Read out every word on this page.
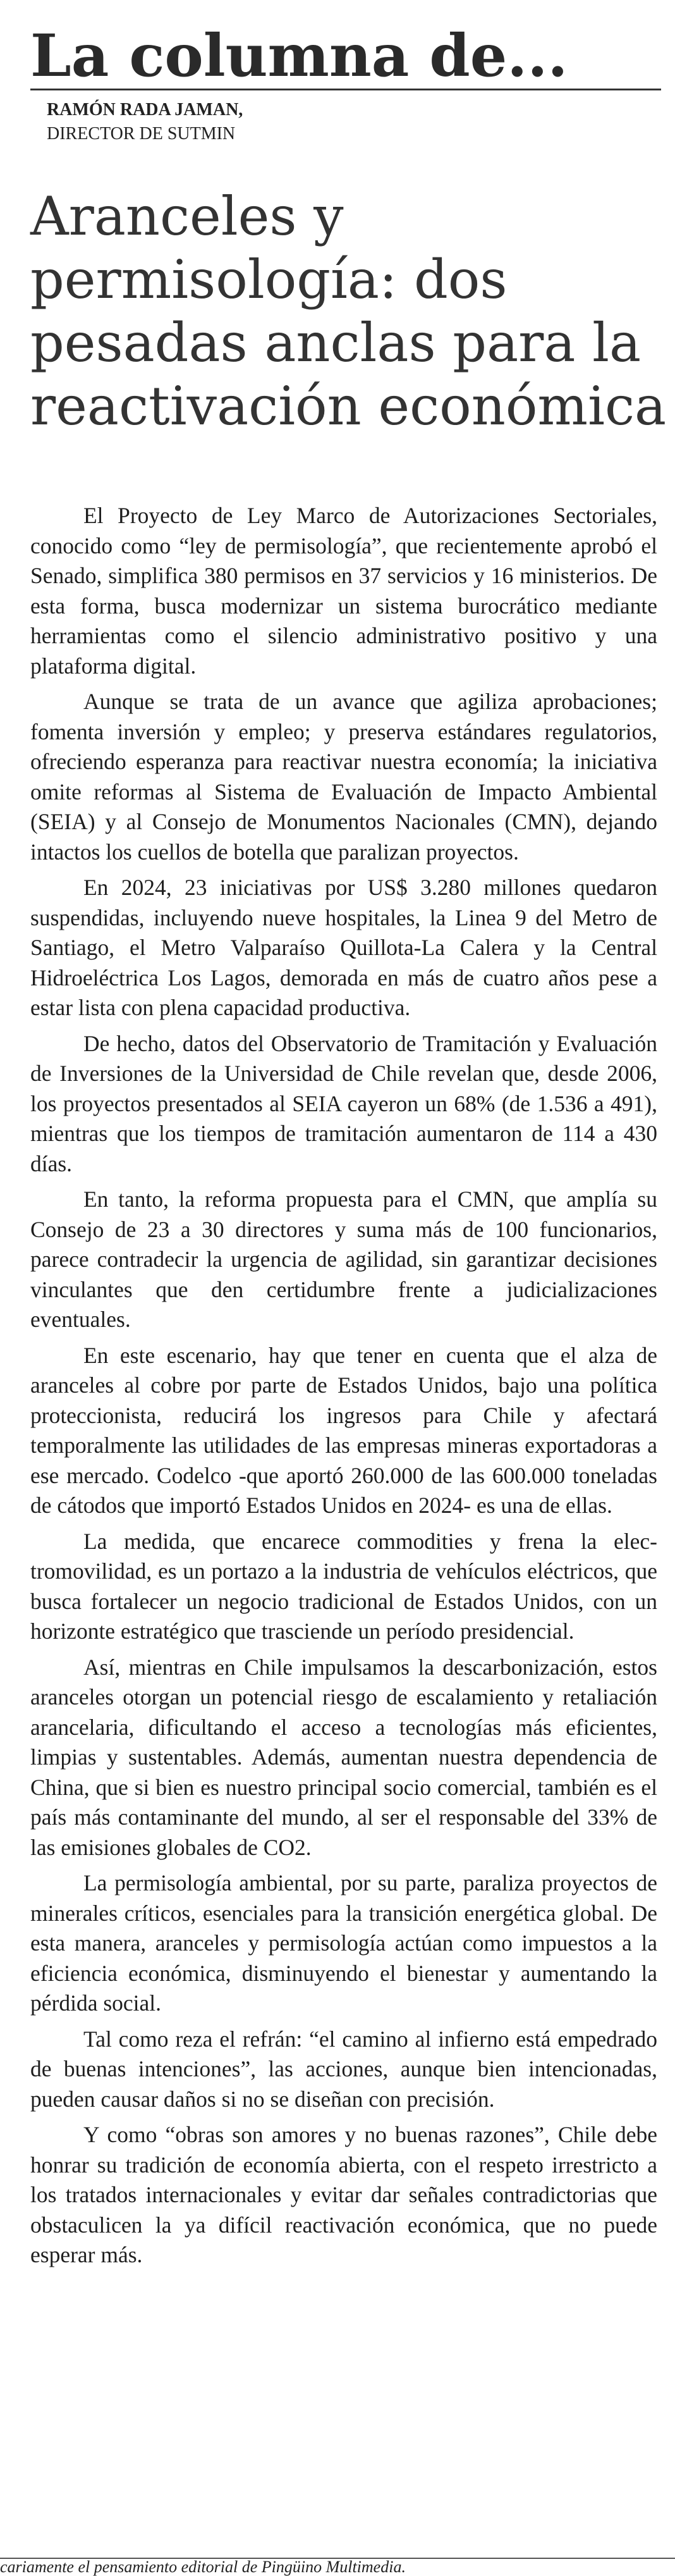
La columna de...
RAMÓN RADA JAMAN,
DIRECTOR DE SUTMIN
Aranceles y
permisología: dos
pesadas anclas para la
reactivación económica

El Proyecto de Ley Marco de Autorizaciones Sectoriales, conocido como “ley de permisología”, que recientemente aprobó el Senado, simplifica 380 permisos en 37 servicios y 16 ministerios. De esta forma, busca modernizar un sistema burocrático mediante herramientas como el silencio administrativo positivo y una plataforma digital.

Aunque se trata de un avance que agiliza aprobaciones; fomenta inversión y empleo; y preserva estándares regulatorios, ofreciendo esperanza para reactivar nuestra economía; la iniciativa omite reformas al Sistema de Evaluación de Impacto Ambiental (SEIA) y al Consejo de Monumentos Nacionales (CMN), dejando intactos los cuellos de botella que paralizan proyectos.

En 2024, 23 iniciativas por US$ 3.280 millones quedaron suspendidas, incluyendo nueve hospitales, la Linea 9 del Metro de Santiago, el Metro Valparaíso Quillota-La Calera y la Central Hidroeléctrica Los Lagos, demorada en más de cuatro años pese a estar lista con plena capacidad productiva.

De hecho, datos del Observatorio de Tramitación y Evaluación de Inversiones de la Universidad de Chile revelan que, desde 2006, los proyectos presentados al SEIA cayeron un 68% (de 1.536 a 491), mientras que los tiempos de tramitación aumentaron de 114 a 430 días.

En tanto, la reforma propuesta para el CMN, que amplía su Consejo de 23 a 30 directores y suma más de 100 funcionarios, parece contradecir la urgencia de agilidad, sin garantizar decisiones vinculantes que den certidumbre frente a judicializaciones eventuales.

En este escenario, hay que tener en cuenta que el alza de aranceles al cobre por parte de Estados Unidos, bajo una política proteccionista, reducirá los ingresos para Chile y afectará temporalmente las utilidades de las empresas mineras exportadoras a ese mercado. Codelco -que aportó 260.000 de las 600.000 toneladas de cátodos que importó Estados Unidos en 2024- es una de ellas.

La medida, que encarece commodities y frena la electromovilidad, es un portazo a la industria de vehículos eléctricos, que busca fortalecer un negocio tradicional de Estados Unidos, con un horizonte estratégico que trasciende un período presidencial.

Así, mientras en Chile impulsamos la descarbonización, estos aranceles otorgan un potencial riesgo de escalamiento y retaliación arancelaria, dificultando el acceso a tecnologías más eficientes, limpias y sustentables. Además, aumentan nuestra dependencia de China, que si bien es nuestro principal socio comercial, también es el país más contaminante del mundo, al ser el responsable del 33% de las emisiones globales de CO2.

La permisología ambiental, por su parte, paraliza proyectos de minerales críticos, esenciales para la transición energética global. De esta manera, aranceles y permisología actúan como impuestos a la eficiencia económica, disminuyendo el bienestar y aumentando la pérdida social.

Tal como reza el refrán: “el camino al infierno está empedrado de buenas intenciones”, las acciones, aunque bien intencionadas, pueden causar daños si no se diseñan con precisión.

Y como “obras son amores y no buenas razones”, Chile debe honrar su tradición de economía abierta, con el respeto irrestricto a los tratados internacionales y evitar dar señales contradictorias que obstaculicen la ya difícil reactivación económica, que no puede esperar más.

cariamente el pensamiento editorial de Pingüino Multimedia.
